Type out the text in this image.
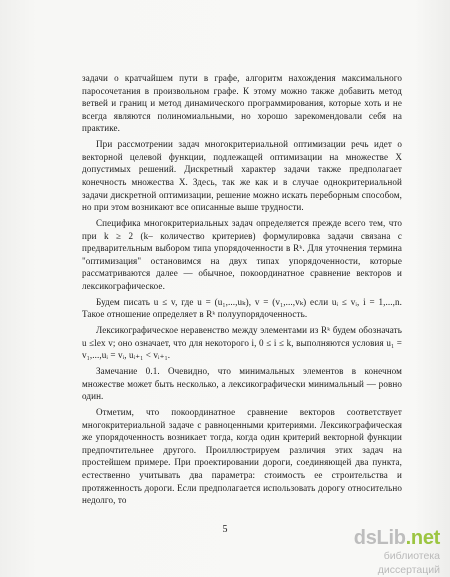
задачи о кратчайшем пути в графе, алгоритм нахождения максимального паросочетания в произвольном графе. К этому можно также добавить метод ветвей и границ и метод динамического программирования, которые хоть и не всегда являются полиномиальными, но хорошо зарекомендовали себя на практике.

При рассмотрении задач многокритериальной оптимизации речь идет о векторной целевой функции, подлежащей оптимизации на множестве X допустимых решений. Дискретный характер задачи также предполагает конечность множества X. Здесь, так же как и в случае однокритериальной задачи дискретной оптимизации, решение можно искать переборным способом, но при этом возникают все описанные выше трудности.

Специфика многокритериальных задач определяется прежде всего тем, что при k ≥ 2 (k– количество критериев) формулировка задачи связана с предварительным выбором типа упорядоченности в Rᵏ. Для уточнения термина "оптимизация" остановимся на двух типах упорядоченности, которые рассматриваются далее — обычное, покоординатное сравнение векторов и лексикографическое.

Будем писать u ≤ v, где u = (u₁,...,uₖ), v = (v₁,...,vₖ) если uᵢ ≤ vᵢ, i = 1,...,n. Такое отношение определяет в Rᵏ полуупорядоченность.

Лексикографическое неравенство между элементами из Rᵏ будем обозначать u ≤lex v; оно означает, что для некоторого i, 0 ≤ i ≤ k, выполняются условия u₁ = v₁,...,uᵢ = vᵢ, uᵢ₊₁ < vᵢ₊₁.

Замечание 0.1. Очевидно, что минимальных элементов в конечном множестве может быть несколько, а лексикографически минимальный — ровно один.

Отметим, что покоординатное сравнение векторов соответствует многокритериальной задаче с равноценными критериями. Лексикографическая же упорядоченность возникает тогда, когда один критерий векторной функции предпочтительнее другого. Проиллюстрируем различия этих задач на простейшем примере. При проектировании дороги, соединяющей два пункта, естественно учитывать два параметра: стоимость ее строительства и протяженность дороги. Если предполагается использовать дорогу относительно недолго, то

5	dsLib.net
библиотека диссертаций
